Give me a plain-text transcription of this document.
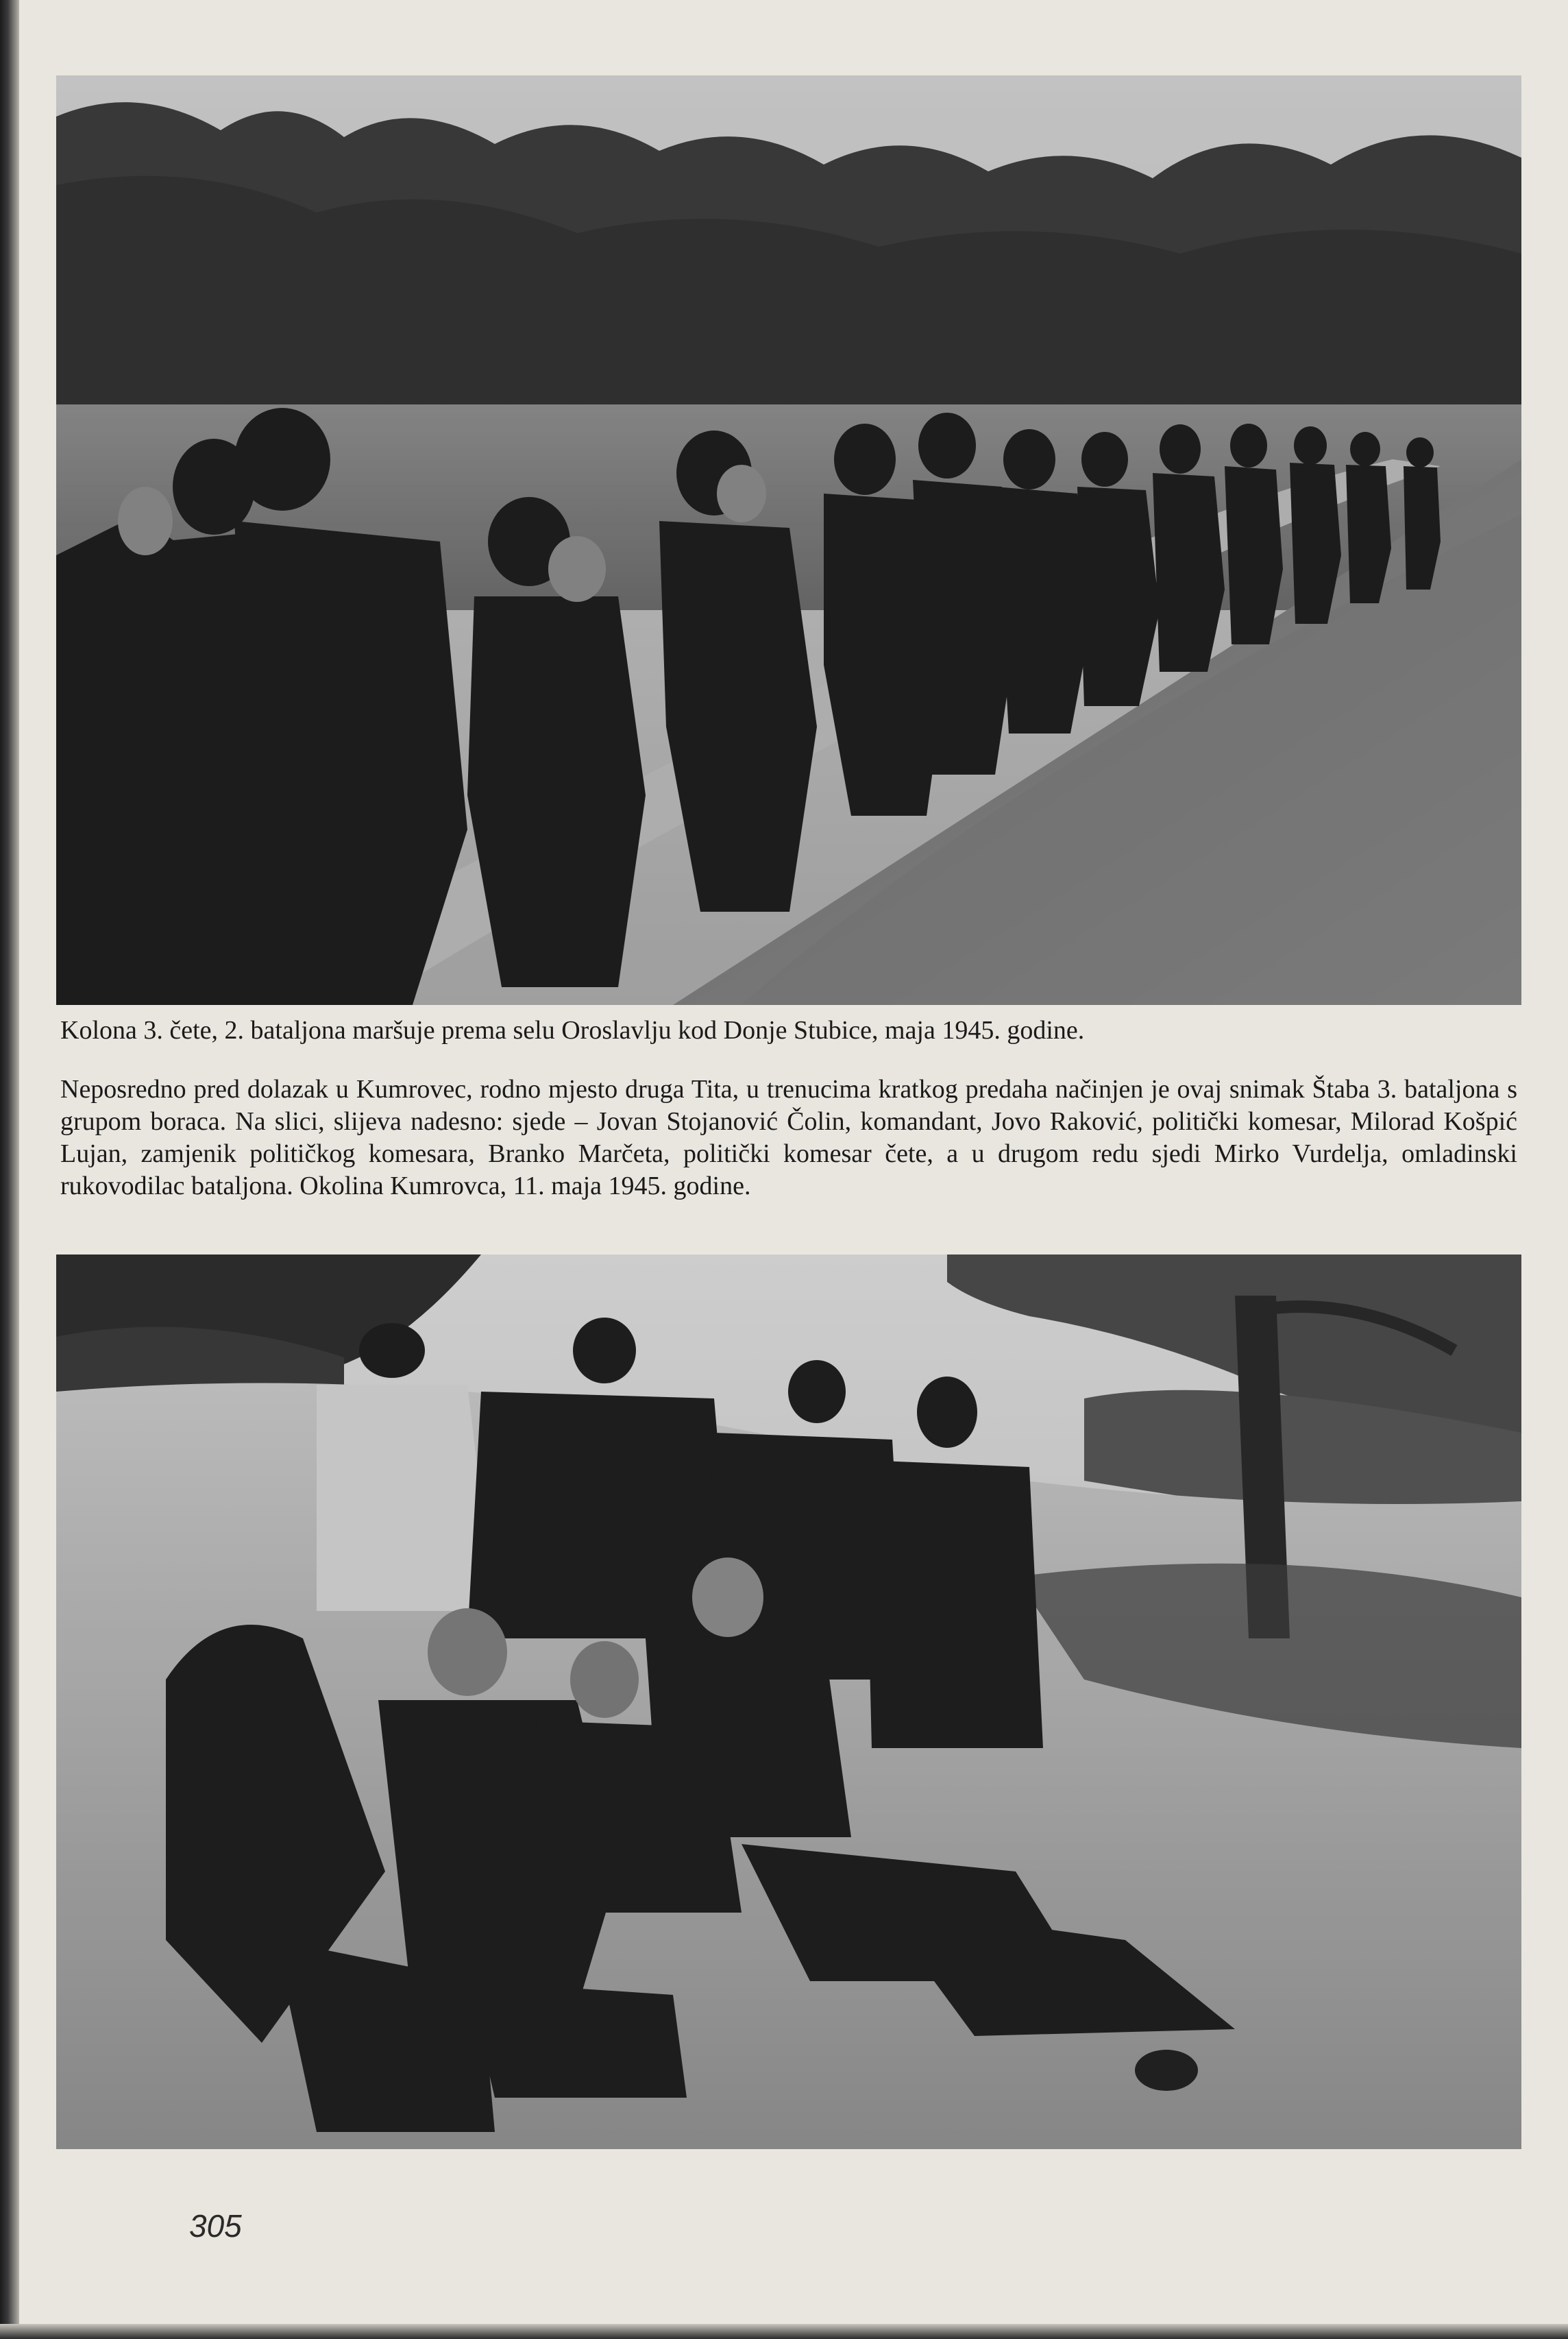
Kolona 3. čete, 2. bataljona maršuje prema selu Oroslavlju kod Donje Stubice, maja 1945. godine.

Neposredno pred dolazak u Kumrovec, rodno mjesto druga Tita, u trenucima kratkog predaha načinjen je ovaj snimak Štaba 3. bataljona s grupom boraca. Na slici, slijeva nadesno: sjede – Jovan Stojanović Čolin, komandant, Jovo Raković, politički komesar, Milorad Košpić Lujan, zamjenik političkog komesara, Branko Marčeta, politički komesar čete, a u drugom redu sjedi Mirko Vurdelja, omladinski rukovodilac bataljona. Okolina Kumrovca, 11. maja 1945. godine.

305
